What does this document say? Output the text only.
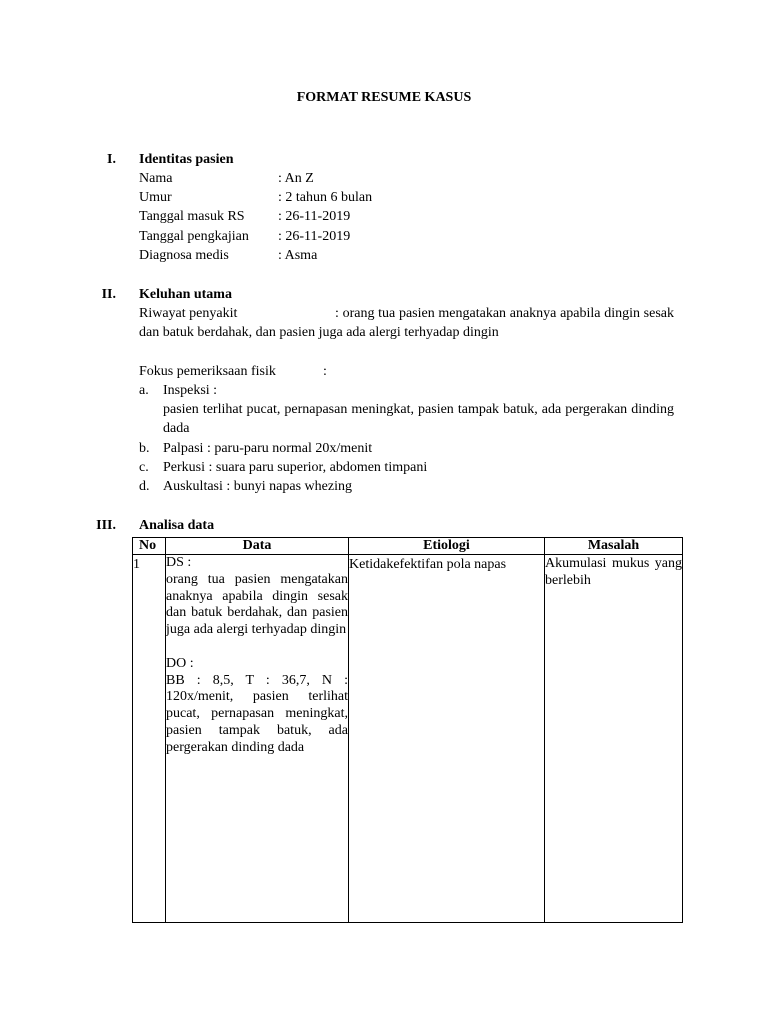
FORMAT RESUME KASUS
I. Identitas pasien
Nama	: An Z
Umur	: 2 tahun 6 bulan
Tanggal masuk RS : 26-11-2019
Tanggal pengkajian : 26-11-2019
Diagnosa medis	: Asma
II. Keluhan utama
Riwayat penyakit	: orang tua pasien mengatakan anaknya apabila dingin sesak dan batuk berdahak, dan pasien juga ada alergi terhyadap dingin
Fokus pemeriksaan fisik	:
a. Inspeksi :
pasien terlihat pucat, pernapasan meningkat, pasien tampak batuk, ada pergerakan dinding dada
b. Palpasi : paru-paru normal 20x/menit
c. Perkusi : suara paru superior, abdomen timpani
d. Auskultasi : bunyi napas whezing
III. Analisa data
No	Data	Etiologi	Masalah
1	DS :
orang tua pasien mengatakan anaknya apabila dingin sesak dan batuk berdahak, dan pasien juga ada alergi terhyadap dingin
DO :
BB : 8,5, T : 36,7, N : 120x/menit, pasien terlihat pucat, pernapasan meningkat, pasien tampak batuk, ada pergerakan dinding dada	Ketidakefektifan pola napas	Akumulasi mukus yang berlebih
